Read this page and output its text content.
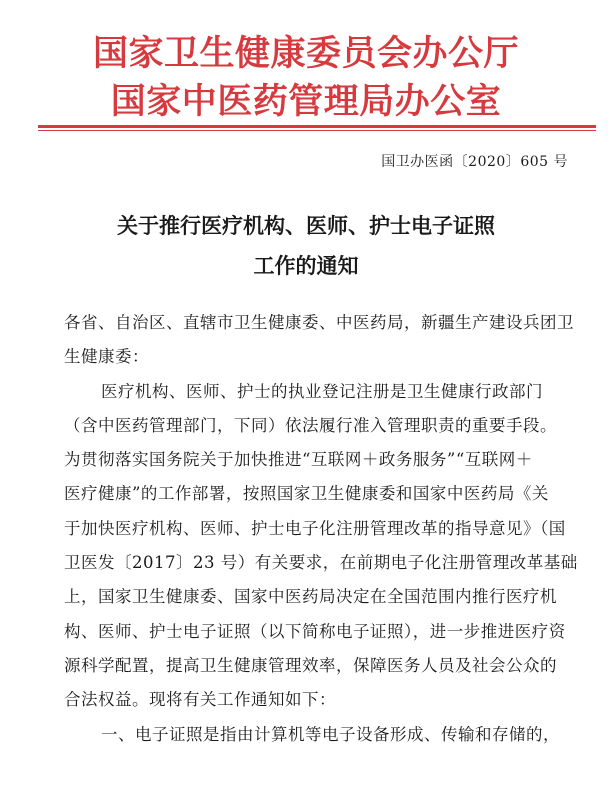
国家卫生健康委员会办公厅
国家中医药管理局办公室
国卫办医函〔2020〕605 号
关于推行医疗机构、医师、护士电子证照
工作的通知
各省、自治区、直辖市卫生健康委、中医药局，新疆生产建设兵团卫
生健康委：
医疗机构、医师、护士的执业登记注册是卫生健康行政部门
（含中医药管理部门，下同）依法履行准入管理职责的重要手段。
为贯彻落实国务院关于加快推进“互联网＋政务服务”“互联网＋
医疗健康”的工作部署，按照国家卫生健康委和国家中医药局《关
于加快医疗机构、医师、护士电子化注册管理改革的指导意见》（国
卫医发〔2017〕23 号）有关要求，在前期电子化注册管理改革基础
上，国家卫生健康委、国家中医药局决定在全国范围内推行医疗机
构、医师、护士电子证照（以下简称电子证照），进一步推进医疗资
源科学配置，提高卫生健康管理效率，保障医务人员及社会公众的
合法权益。现将有关工作通知如下：
一、电子证照是指由计算机等电子设备形成、传输和存储的，
